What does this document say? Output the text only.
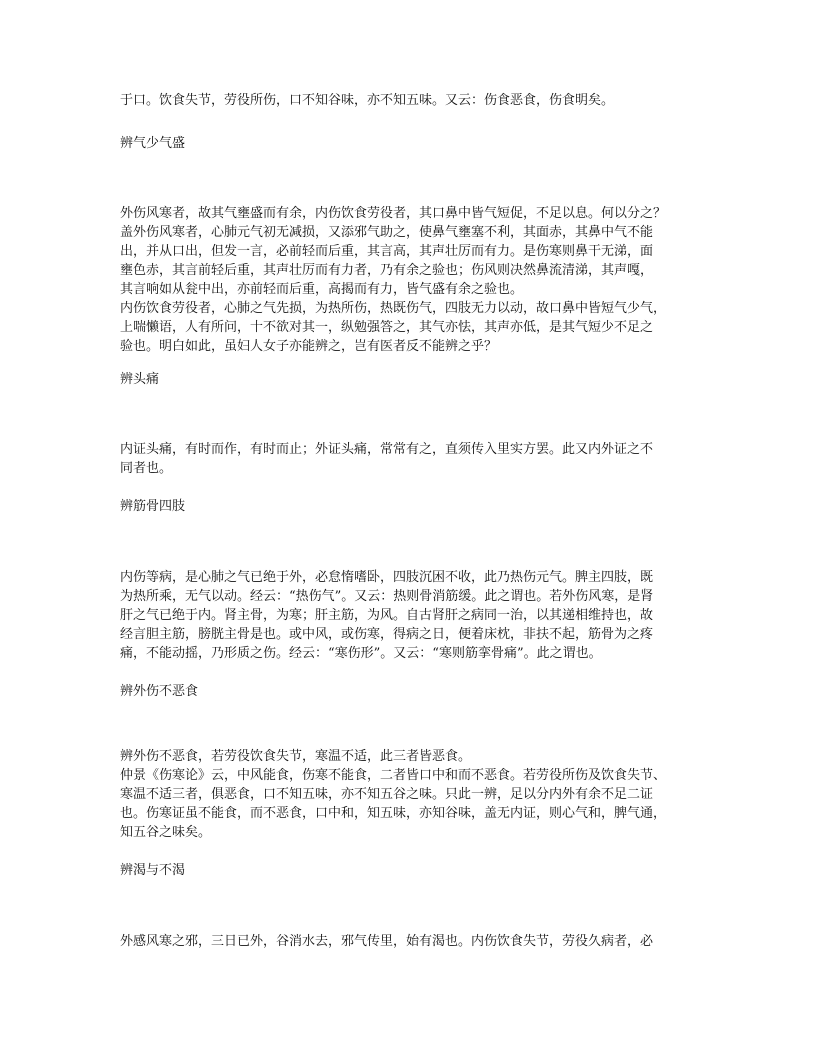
于口。饮食失节，劳役所伤，口不知谷味，亦不知五味。又云：伤食恶食，伤食明矣。
辨气少气盛
外伤风寒者，故其气壅盛而有余，内伤饮食劳役者，其口鼻中皆气短促，不足以息。何以分之？
盖外伤风寒者，心肺元气初无减损，又添邪气助之，使鼻气壅塞不利，其面赤，其鼻中气不能
出，并从口出，但发一言，必前轻而后重，其言高，其声壮厉而有力。是伤寒则鼻干无涕，面
壅色赤，其言前轻后重，其声壮厉而有力者，乃有余之验也；伤风则决然鼻流清涕，其声嘎，
其言响如从瓮中出，亦前轻而后重，高揭而有力，皆气盛有余之验也。
内伤饮食劳役者，心肺之气先损，为热所伤，热既伤气，四肢无力以动，故口鼻中皆短气少气，
上喘懒语，人有所问，十不欲对其一，纵勉强答之，其气亦怯，其声亦低，是其气短少不足之
验也。明白如此，虽妇人女子亦能辨之，岂有医者反不能辨之乎？
辨头痛
内证头痛，有时而作，有时而止；外证头痛，常常有之，直须传入里实方罢。此又内外证之不
同者也。
辨筋骨四肢
内伤等病，是心肺之气已绝于外，必怠惰嗜卧，四肢沉困不收，此乃热伤元气。脾主四肢，既
为热所乘，无气以动。经云：“热伤气”。又云：热则骨消筋缓。此之谓也。若外伤风寒，是肾
肝之气已绝于内。肾主骨，为寒；肝主筋，为风。自古肾肝之病同一治，以其递相维持也，故
经言胆主筋，膀胱主骨是也。或中风，或伤寒，得病之日，便着床枕，非扶不起，筋骨为之疼
痛，不能动摇，乃形质之伤。经云：“寒伤形”。又云：“寒则筋挛骨痛”。此之谓也。
辨外伤不恶食
辨外伤不恶食，若劳役饮食失节，寒温不适，此三者皆恶食。
仲景《伤寒论》云，中风能食，伤寒不能食，二者皆口中和而不恶食。若劳役所伤及饮食失节、
寒温不适三者，俱恶食，口不知五味，亦不知五谷之味。只此一辨，足以分内外有余不足二证
也。伤寒证虽不能食，而不恶食，口中和，知五味，亦知谷味，盖无内证，则心气和，脾气通，
知五谷之味矣。
辨渴与不渴
外感风寒之邪，三日已外，谷消水去，邪气传里，始有渴也。内伤饮食失节，劳役久病者，必
